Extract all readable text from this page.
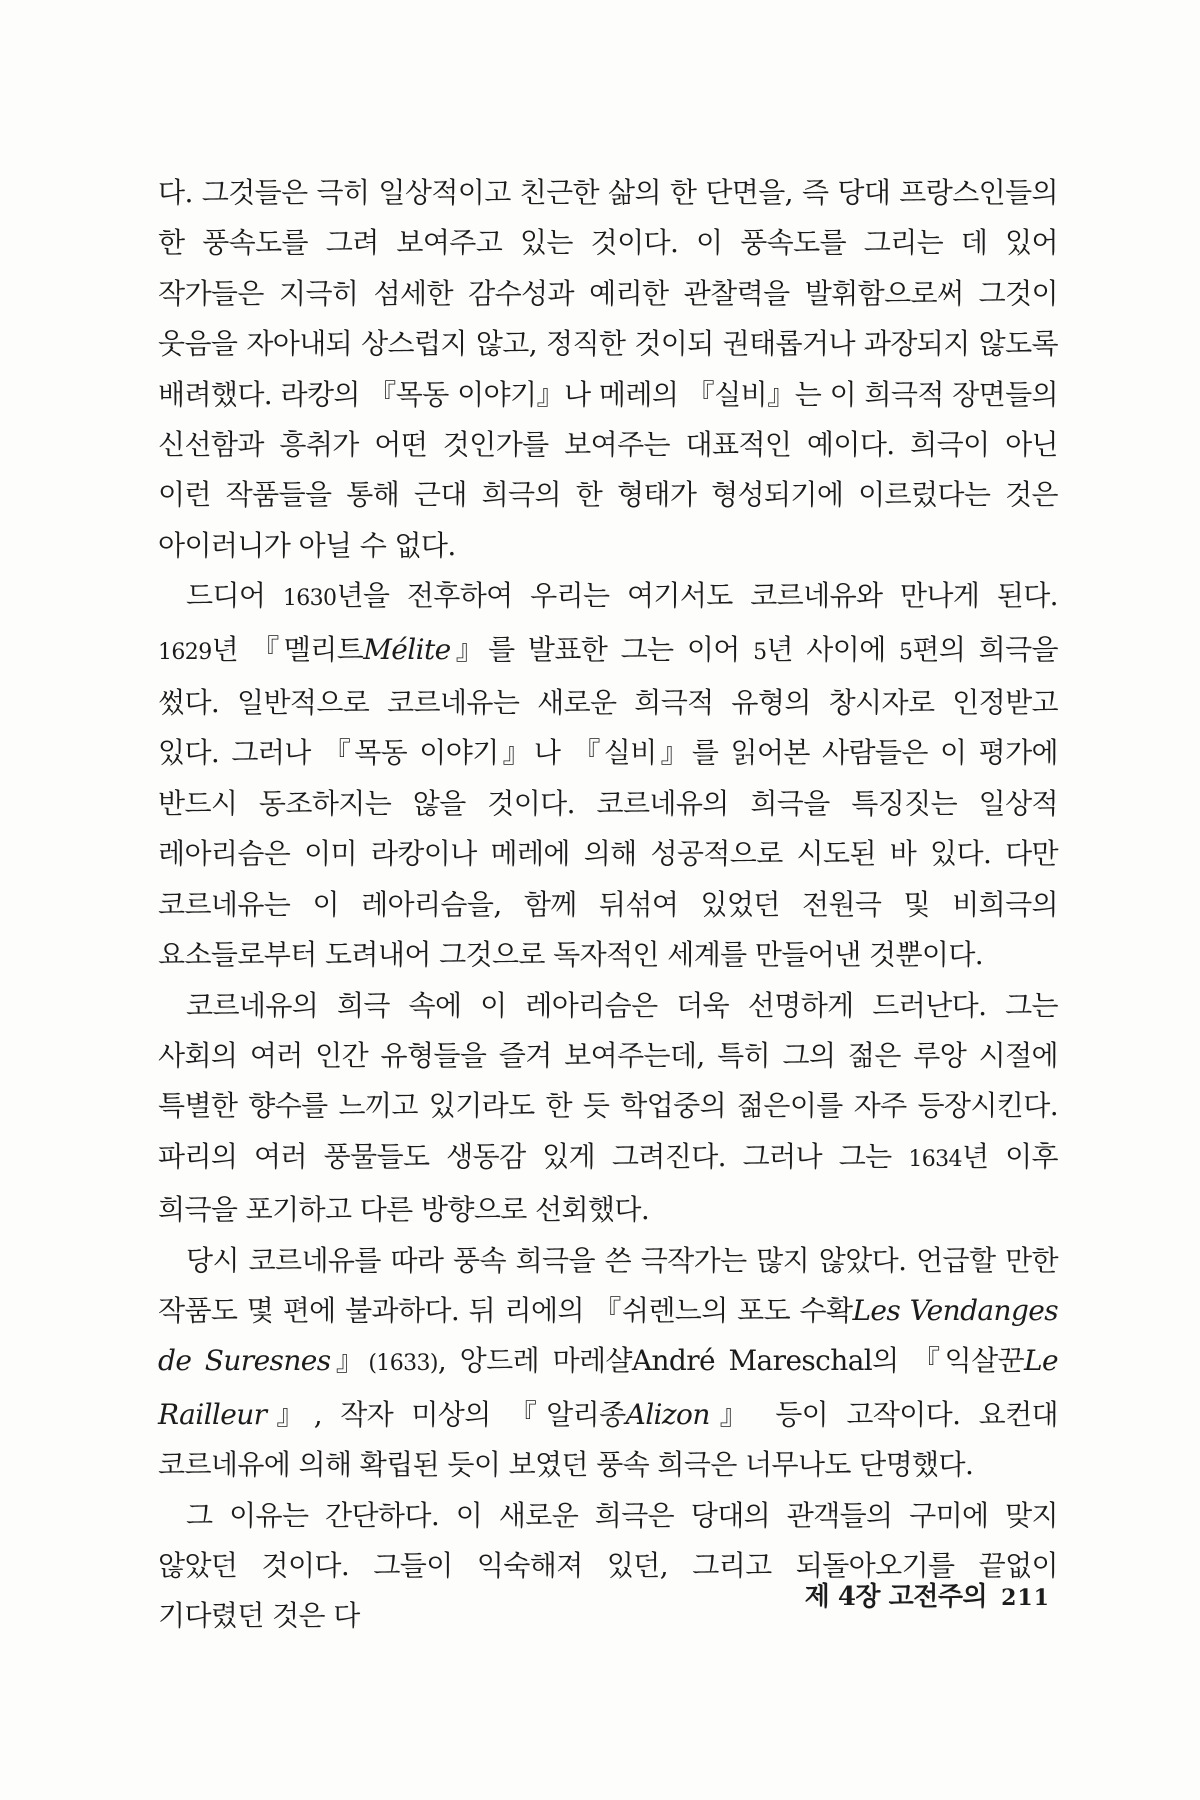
다. 그것들은 극히 일상적이고 친근한 삶의 한 단면을, 즉 당대 프랑스인들의 한 풍속도를 그려 보여주고 있는 것이다. 이 풍속도를 그리는 데 있어 작가들은 지극히 섬세한 감수성과 예리한 관찰력을 발휘함으로써 그것이 웃음을 자아내되 상스럽지 않고, 정직한 것이되 권태롭거나 과장되지 않도록 배려했다. 라캉의 『목동 이야기』나 메레의 『실비』는 이 희극적 장면들의 신선함과 흥취가 어떤 것인가를 보여주는 대표적인 예이다. 희극이 아닌 이런 작품들을 통해 근대 희극의 한 형태가 형성되기에 이르렀다는 것은 아이러니가 아닐 수 없다.

드디어 1630년을 전후하여 우리는 여기서도 코르네유와 만나게 된다. 1629년 『멜리트Mélite』를 발표한 그는 이어 5년 사이에 5편의 희극을 썼다. 일반적으로 코르네유는 새로운 희극적 유형의 창시자로 인정받고 있다. 그러나 『목동 이야기』나 『실비』를 읽어본 사람들은 이 평가에 반드시 동조하지는 않을 것이다. 코르네유의 희극을 특징짓는 일상적 레아리슴은 이미 라캉이나 메레에 의해 성공적으로 시도된 바 있다. 다만 코르네유는 이 레아리슴을, 함께 뒤섞여 있었던 전원극 및 비희극의 요소들로부터 도려내어 그것으로 독자적인 세계를 만들어낸 것뿐이다.

코르네유의 희극 속에 이 레아리슴은 더욱 선명하게 드러난다. 그는 사회의 여러 인간 유형들을 즐겨 보여주는데, 특히 그의 젊은 루앙 시절에 특별한 향수를 느끼고 있기라도 한 듯 학업중의 젊은이를 자주 등장시킨다. 파리의 여러 풍물들도 생동감 있게 그려진다. 그러나 그는 1634년 이후 희극을 포기하고 다른 방향으로 선회했다.

당시 코르네유를 따라 풍속 희극을 쓴 극작가는 많지 않았다. 언급할 만한 작품도 몇 편에 불과하다. 뒤 리에의 『쉬렌느의 포도 수확Les Vendanges de Suresnes』(1633), 앙드레 마레샬André Mareschal의 『익살꾼Le Railleur』, 작자 미상의 『알리종Alizon』 등이 고작이다. 요컨대 코르네유에 의해 확립된 듯이 보였던 풍속 희극은 너무나도 단명했다.

그 이유는 간단하다. 이 새로운 희극은 당대의 관객들의 구미에 맞지 않았던 것이다. 그들이 익숙해져 있던, 그리고 되돌아오기를 끝없이 기다렸던 것은 다

제 4장 고전주의 211
